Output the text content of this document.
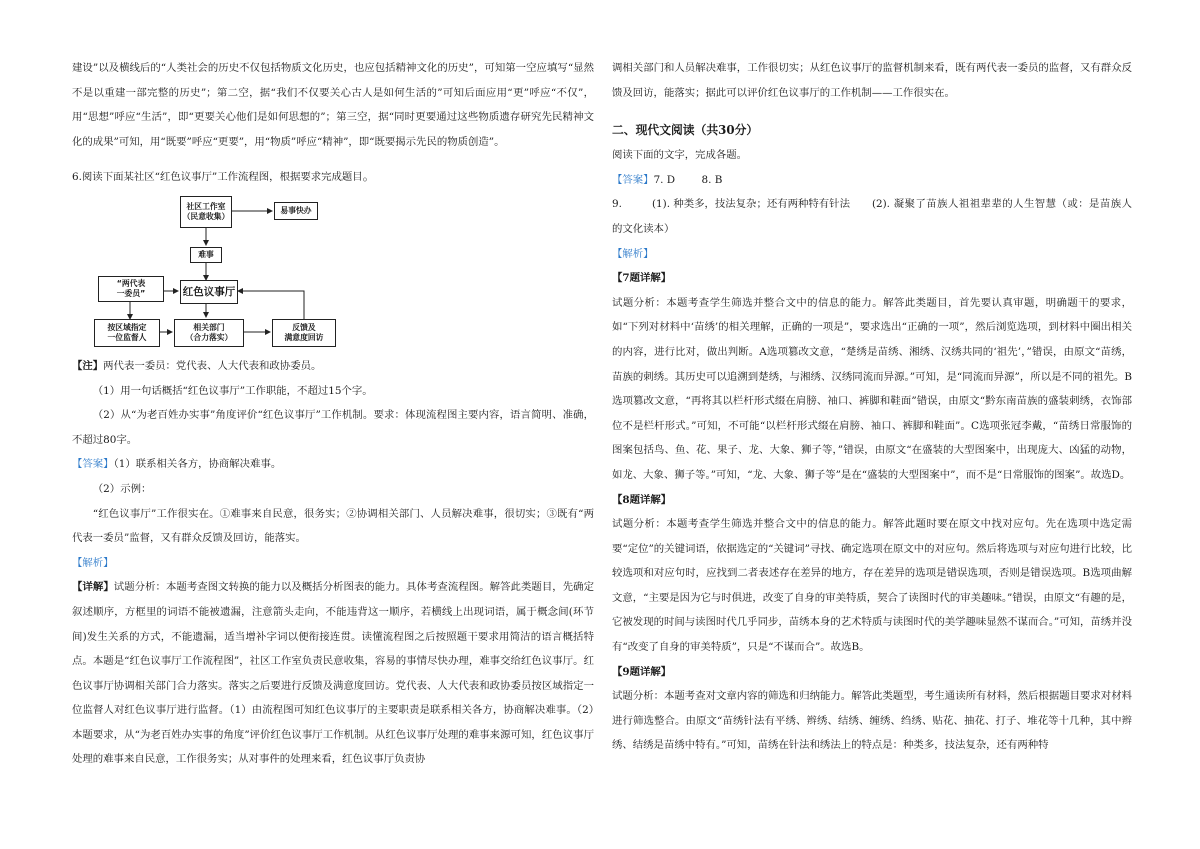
建设”以及横线后的“人类社会的历史不仅包括物质文化历史，也应包括精神文化的历史”，可知第一空应填写“显然不是以重建一部完整的历史”；第二空，据“我们不仅要关心古人是如何生活的”可知后面应用“更”呼应“不仅”，用“思想”呼应“生活”，即“更要关心他们是如何思想的”；第三空，据“同时更要通过这些物质遗存研究先民精神文化的成果”可知，用“既要”呼应“更要”，用“物质”呼应“精神”，即“既要揭示先民的物质创造”。

6.阅读下面某社区“红色议事厅”工作流程图，根据要求完成题目。

社区工作室
（民意收集）
易事快办
难事
红色议事厅
“两代表
一委员”
按区域指定
一位监督人
相关部门
（合力落实）
反馈及
满意度回访

【注】两代表一委员：党代表、人大代表和政协委员。

（1）用一句话概括“红色议事厅”工作职能，不超过15个字。

（2）从“为老百姓办实事”角度评价“红色议事厅”工作机制。要求：体现流程图主要内容，语言简明、准确，不超过80字。

【答案】（1）联系相关各方，协商解决难事。

（2）示例：

“红色议事厅”工作很实在。①难事来自民意，很务实；②协调相关部门、人员解决难事，很切实；③既有“两代表一委员”监督，又有群众反馈及回访，能落实。

【解析】

【详解】试题分析：本题考查图文转换的能力以及概括分析图表的能力。具体考查流程图。解答此类题目，先确定叙述顺序，方框里的词语不能被遗漏，注意箭头走向，不能违背这一顺序，若横线上出现词语，属于概念间(环节间)发生关系的方式，不能遗漏，适当增补字词以便衔接连贯。读懂流程图之后按照题干要求用简洁的语言概括特点。本题是“红色议事厅工作流程图”，社区工作室负责民意收集，容易的事情尽快办理，难事交给红色议事厅。红色议事厅协调相关部门合力落实。落实之后要进行反馈及满意度回访。党代表、人大代表和政协委员按区域指定一位监督人对红色议事厅进行监督。（1）由流程图可知红色议事厅的主要职责是联系相关各方，协商解决难事。（2）本题要求，从“为老百姓办实事的角度”评价红色议事厅工作机制。从红色议事厅处理的难事来源可知，红色议事厅处理的难事来自民意，工作很务实；从对事件的处理来看，红色议事厅负责协

调相关部门和人员解决难事，工作很切实；从红色议事厅的监督机制来看，既有两代表一委员的监督，又有群众反馈及回访，能落实；据此可以评价红色议事厅的工作机制——工作很实在。

二、现代文阅读（共30分）

阅读下面的文字，完成各题。

【答案】7. D        8. B

9.	(1). 种类多，技法复杂；还有两种特有针法 (2). 凝聚了苗族人祖祖辈辈的人生智慧（或：是苗族人的文化读本）

【解析】

【7题详解】

试题分析：本题考查学生筛选并整合文中的信息的能力。解答此类题目，首先要认真审题，明确题干的要求，如“下列对材料中‘苗绣’的相关理解，正确的一项是”，要求选出“正确的一项”，然后浏览选项，到材料中圈出相关的内容，进行比对，做出判断。A选项篡改文意，“楚绣是苗绣、湘绣、汉绣共同的‘祖先’，”错误，由原文“苗绣，苗族的刺绣。其历史可以追溯到楚绣，与湘绣、汉绣同流而异源。”可知，是“同流而异源”，所以是不同的祖先。B选项篡改文意，“再将其以栏杆形式缀在肩膀、袖口、裤脚和鞋面”错误，由原文“黔东南苗族的盛装刺绣，衣饰部位不是栏杆形式。”可知，不可能“以栏杆形式缀在肩膀、袖口、裤脚和鞋面”。C选项张冠李戴，“苗绣日常服饰的图案包括鸟、鱼、花、果子、龙、大象、狮子等，”错误，由原文“在盛装的大型图案中，出现庞大、凶猛的动物，如龙、大象、狮子等。”可知，“龙、大象、狮子等”是在“盛装的大型图案中”，而不是“日常服饰的图案”。故选D。

【8题详解】

试题分析：本题考查学生筛选并整合文中的信息的能力。解答此题时要在原文中找对应句。先在选项中选定需要“定位”的关键词语，依据选定的“关键词”寻找、确定选项在原文中的对应句。然后将选项与对应句进行比较，比较选项和对应句时，应找到二者表述存在差异的地方，存在差异的选项是错误选项，否则是错误选项。B选项曲解文意，“主要是因为它与时俱进，改变了自身的审美特质，契合了读图时代的审美趣味。”错误，由原文“有趣的是，它被发现的时间与读图时代几乎同步，苗绣本身的艺术特质与读图时代的美学趣味显然不谋而合。”可知，苗绣并没有“改变了自身的审美特质”，只是“不谋而合”。故选B。

【9题详解】

试题分析：本题考查对文章内容的筛选和归纳能力。解答此类题型，考生通读所有材料，然后根据题目要求对材料进行筛选整合。由原文“苗绣针法有平绣、辫绣、结绣、缠绣、绉绣、贴花、抽花、打子、堆花等十几种，其中辫绣、结绣是苗绣中特有。”可知，苗绣在针法和绣法上的特点是：种类多，技法复杂，还有两种特
